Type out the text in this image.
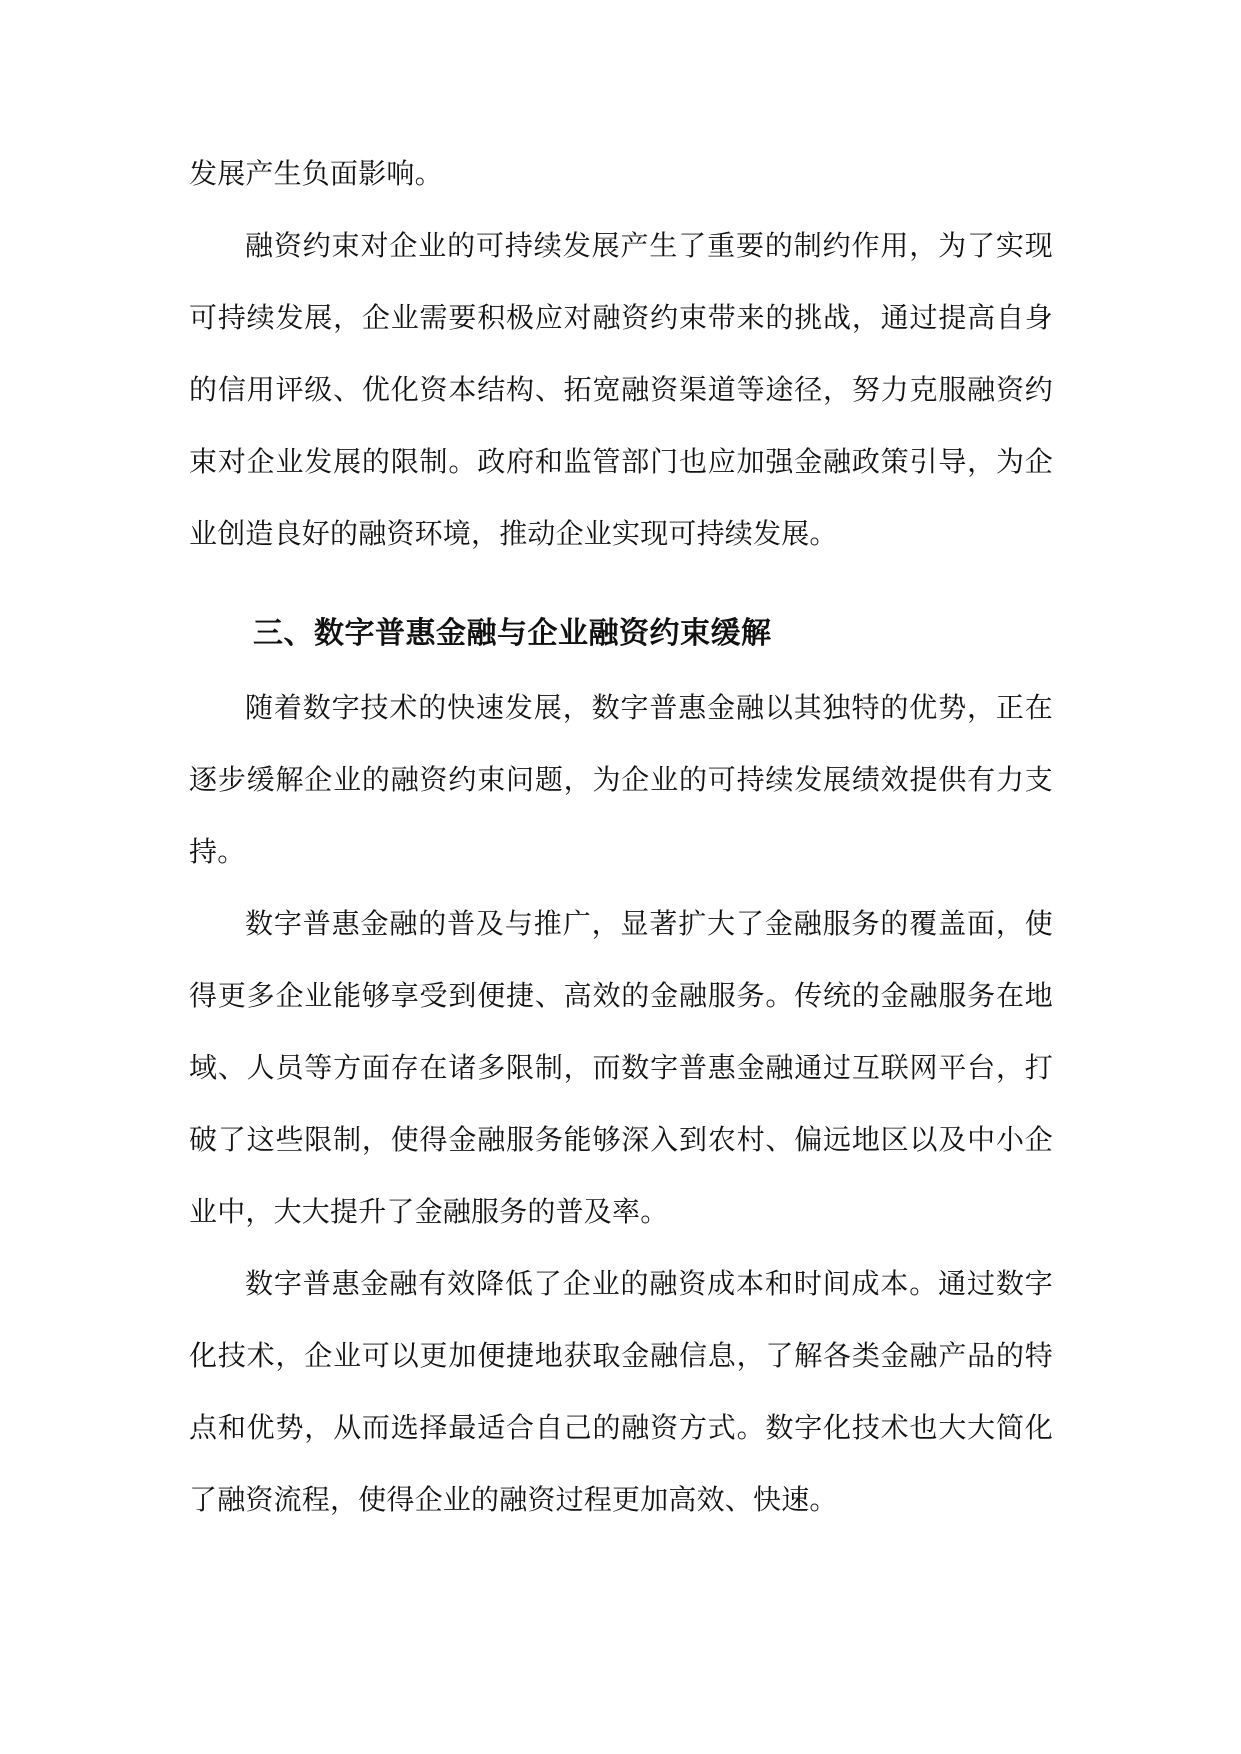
发展产生负面影响。

融资约束对企业的可持续发展产生了重要的制约作用，为了实现可持续发展，企业需要积极应对融资约束带来的挑战，通过提高自身的信用评级、优化资本结构、拓宽融资渠道等途径，努力克服融资约束对企业发展的限制。政府和监管部门也应加强金融政策引导，为企业创造良好的融资环境，推动企业实现可持续发展。

三、数字普惠金融与企业融资约束缓解

随着数字技术的快速发展，数字普惠金融以其独特的优势，正在逐步缓解企业的融资约束问题，为企业的可持续发展绩效提供有力支持。

数字普惠金融的普及与推广，显著扩大了金融服务的覆盖面，使得更多企业能够享受到便捷、高效的金融服务。传统的金融服务在地域、人员等方面存在诸多限制，而数字普惠金融通过互联网平台，打破了这些限制，使得金融服务能够深入到农村、偏远地区以及中小企业中，大大提升了金融服务的普及率。

数字普惠金融有效降低了企业的融资成本和时间成本。通过数字化技术，企业可以更加便捷地获取金融信息，了解各类金融产品的特点和优势，从而选择最适合自己的融资方式。数字化技术也大大简化了融资流程，使得企业的融资过程更加高效、快速。
